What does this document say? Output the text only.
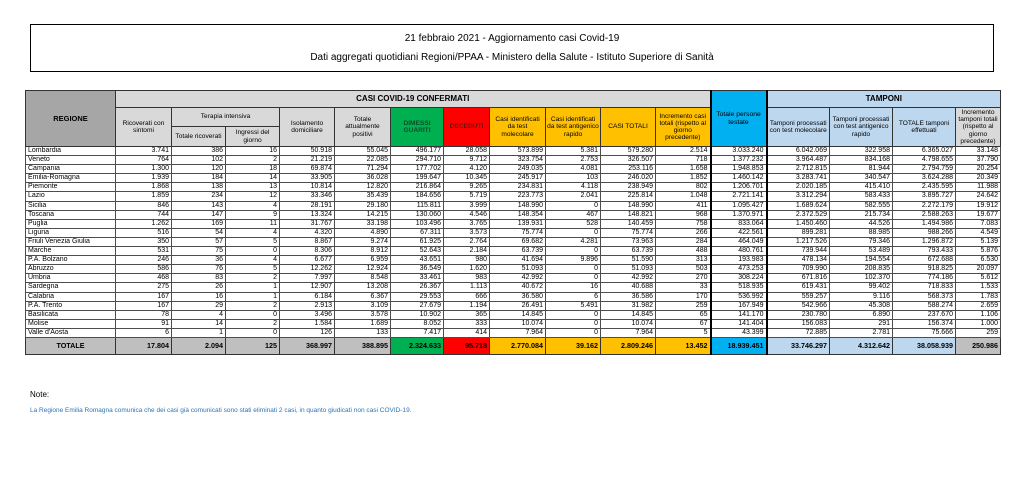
21 febbraio 2021 - Aggiornamento casi Covid-19
Dati aggregati quotidiani Regioni/PPAA - Ministero della Salute - Istituto Superiore di Sanità
REGIONE	CASI COVID-19 CONFERMATI											Totale persone testate	TAMPONI			
	Ricoverati con sintomi	Terapia intensiva		Isolamento domiciliare	Totale attualmente positivi	DIMESSI GUARITI	DECEDUTI	Casi identificati da test molecolare	Casi identificati da test antigenico rapido	CASI TOTALI	Incremento casi totali (rispetto al giorno precedente)		Tamponi processati con test molecolare	Tamponi processati con test antigenico rapido	TOTALE tamponi effettuati	Incremento tamponi totali (rispetto al giorno precedente)
		Totale ricoverati	Ingressi del giorno													
Lombardia	3.741	386	16	50.918	55.045	496.177	28.058	573.899	5.381	579.280	2.514	3.033.240	6.042.069	322.958	6.365.027	33.148
Veneto	764	102	2	21.219	22.085	294.710	9.712	323.754	2.753	326.507	718	1.377.232	3.964.487	834.168	4.798.655	37.790
Campania	1.300	120	18	69.874	71.294	177.702	4.120	249.035	4.081	253.116	1.658	1.948.853	2.712.815	81.944	2.794.759	20.254
Emilia-Romagna	1.939	184	14	33.905	36.028	199.647	10.345	245.917	103	246.020	1.852	1.460.142	3.283.741	340.547	3.624.288	20.349
Piemonte	1.868	138	13	10.814	12.820	216.864	9.265	234.831	4.118	238.949	802	1.206.701	2.020.185	415.410	2.435.595	11.988
Lazio	1.859	234	12	33.346	35.439	184.656	5.719	223.773	2.041	225.814	1.048	2.721.141	3.312.294	583.433	3.895.727	24.642
Sicilia	846	143	4	28.191	29.180	115.811	3.999	148.990	0	148.990	411	1.095.427	1.689.624	582.555	2.272.179	19.912
Toscana	744	147	9	13.324	14.215	130.060	4.546	148.354	467	148.821	968	1.370.971	2.372.529	215.734	2.588.263	19.677
Puglia	1.262	169	11	31.767	33.198	103.496	3.765	139.931	528	140.459	758	833.064	1.450.460	44.526	1.494.986	7.083
Liguria	516	54	4	4.320	4.890	67.311	3.573	75.774	0	75.774	266	422.561	899.281	88.985	988.266	4.549
Friuli Venezia Giulia	350	57	5	8.867	9.274	61.925	2.764	69.682	4.281	73.963	284	464.049	1.217.526	79.346	1.296.872	5.139
Marche	531	75	0	8.306	8.912	52.643	2.184	63.739	0	63.739	488	480.761	739.944	53.489	793.433	5.876
P.A. Bolzano	246	36	4	6.677	6.959	43.651	980	41.694	9.896	51.590	313	193.983	478.134	194.554	672.688	6.530
Abruzzo	586	76	5	12.262	12.924	36.549	1.620	51.093	0	51.093	503	473.253	709.990	208.835	918.825	20.097
Umbria	468	83	2	7.997	8.548	33.461	983	42.992	0	42.992	270	308.224	671.816	102.370	774.186	5.612
Sardegna	275	26	1	12.907	13.208	26.367	1.113	40.672	16	40.688	33	518.935	619.431	99.402	718.833	1.533
Calabria	167	16	1	6.184	6.367	29.553	666	36.580	6	36.586	170	536.992	559.257	9.116	568.373	1.783
P.A. Trento	167	29	2	2.913	3.109	27.679	1.194	26.491	5.491	31.982	259	167.949	542.966	45.308	588.274	2.659
Basilicata	78	4	0	3.496	3.578	10.902	365	14.845	0	14.845	65	141.170	230.780	6.890	237.670	1.106
Molise	91	14	2	1.584	1.689	8.052	333	10.074	0	10.074	67	141.404	156.083	291	156.374	1.000
Valle d'Aosta	6	1	0	126	133	7.417	414	7.964	0	7.964	5	43.399	72.885	2.781	75.666	259
TOTALE	17.804	2.094	125	368.997	388.895	2.324.633	95.718	2.770.084	39.162	2.809.246	13.452	18.939.451	33.746.297	4.312.642	38.058.939	250.986
Note:
La Regione Emilia Romagna comunica che dei casi già comunicati sono stati eliminati 2 casi, in quanto giudicati non casi COVID-19.
